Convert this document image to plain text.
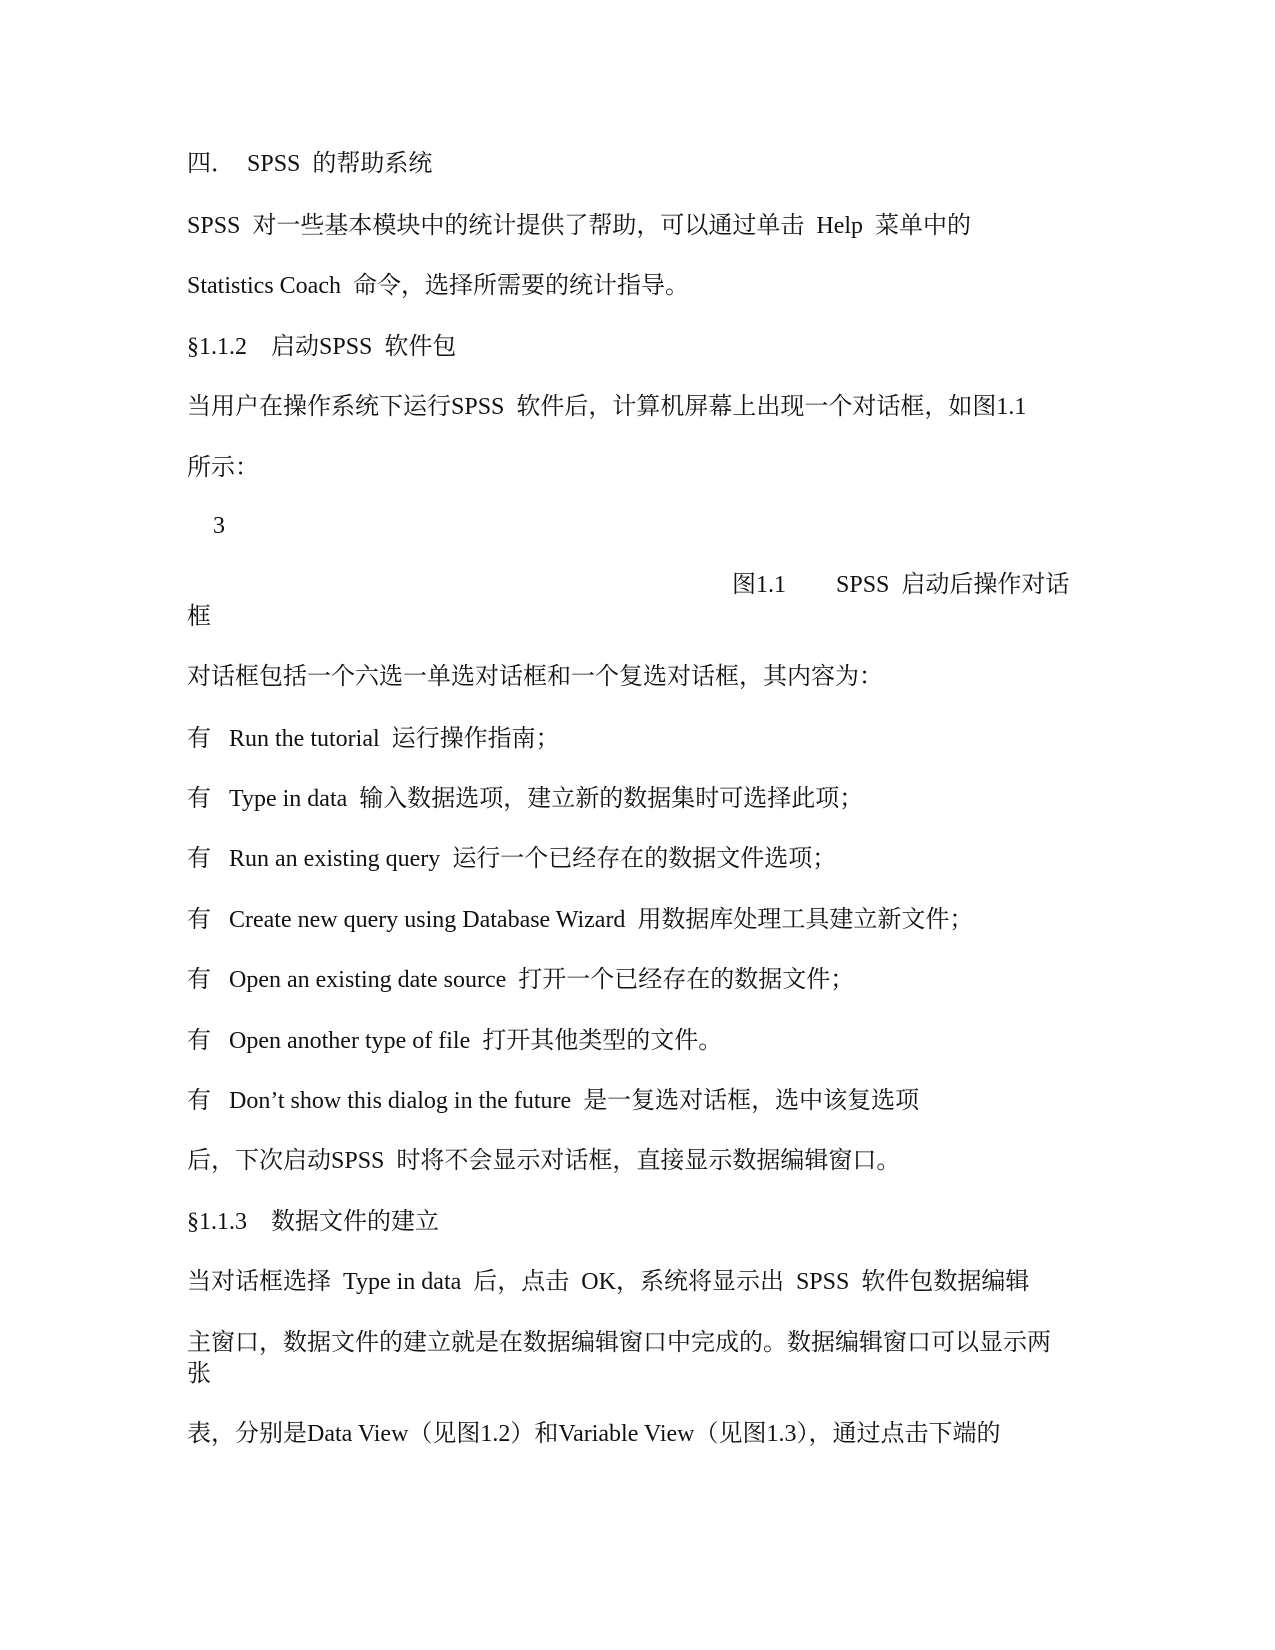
四．  SPSS  的帮助系统
SPSS  对一些基本模块中的统计提供了帮助，可以通过单击  Help  菜单中的
Statistics Coach  命令，选择所需要的统计指导。
§1.1.2    启动SPSS  软件包
当用户在操作系统下运行SPSS  软件后，计算机屏幕上出现一个对话框，如图1.1
所示：
3
图1.1 SPSS  启动后操作对话
框
对话框包括一个六选一单选对话框和一个复选对话框，其内容为：
有 Run the tutorial 运行操作指南；
有 Type in data 输入数据选项，建立新的数据集时可选择此项；
有 Run an existing query 运行一个已经存在的数据文件选项；
有 Create new query using Database Wizard 用数据库处理工具建立新文件；
有 Open an existing date source 打开一个已经存在的数据文件；
有 Open another type of file 打开其他类型的文件。
有 Don’t show this dialog in the future 是一复选对话框，选中该复选项
后，下次启动SPSS  时将不会显示对话框，直接显示数据编辑窗口。
§1.1.3    数据文件的建立
当对话框选择  Type in data  后，点击  OK，系统将显示出  SPSS  软件包数据编辑
主窗口，数据文件的建立就是在数据编辑窗口中完成的。数据编辑窗口可以显示两
张
表，分别是Data View（见图1.2）和Variable View（见图1.3），通过点击下端的
